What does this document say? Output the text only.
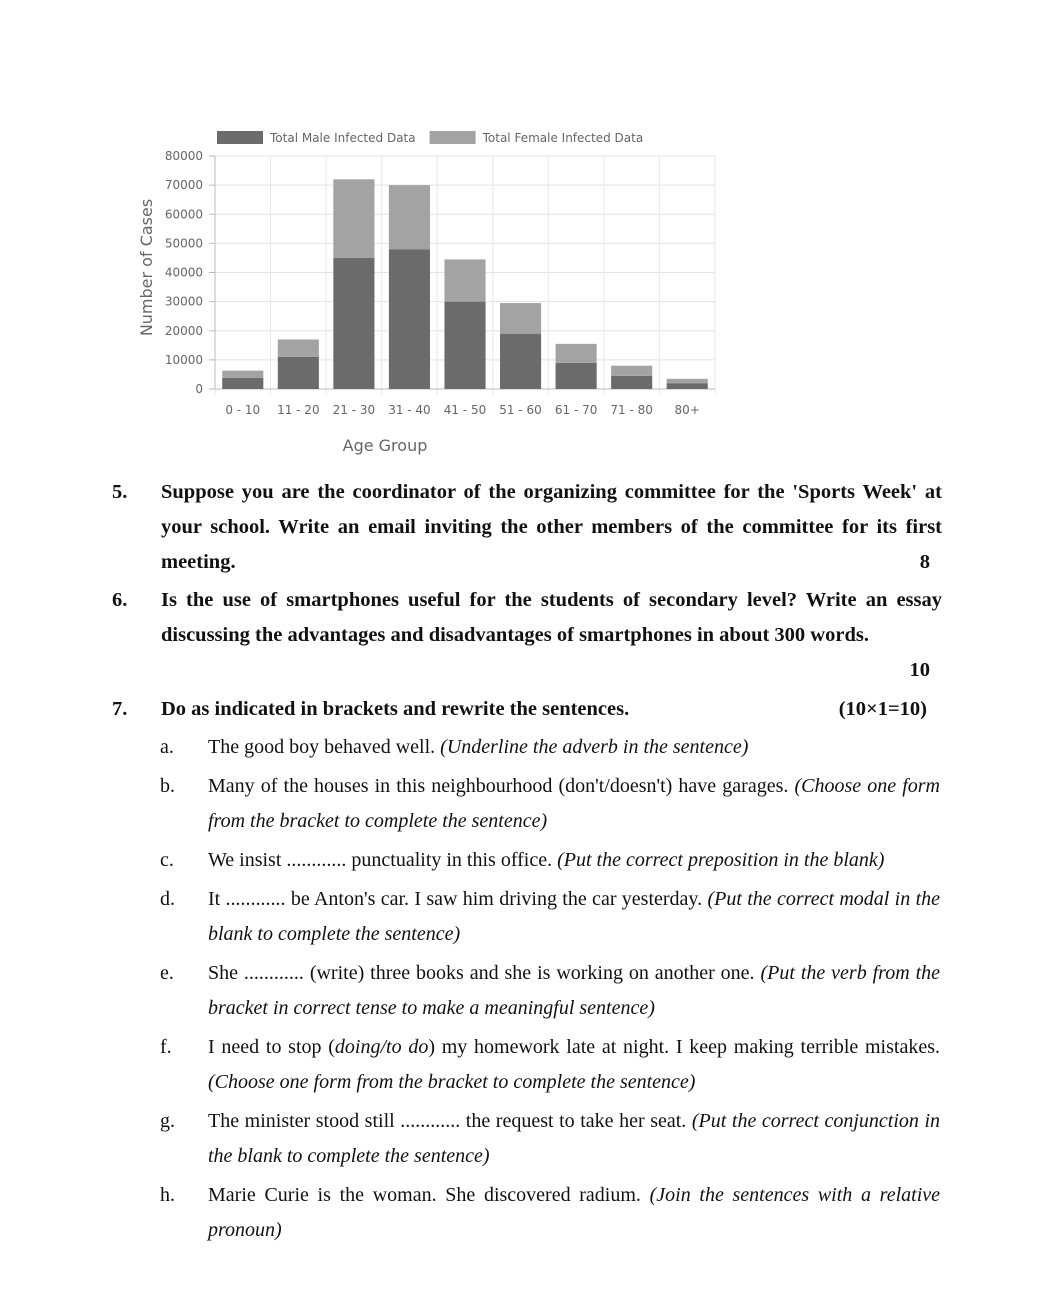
0
10000
20000
30000
40000
50000
60000
70000
80000
0 - 10 11 - 20 21 - 30 31 - 40 41 - 50 51 - 60 61 - 70 71 - 80 80+
Age Group
Number of Cases
Total Male Infected Data	Total Female Infected Data
5.	Suppose you are the coordinator of the organizing committee for the 'Sports Week' at your school. Write an email inviting the other members of the committee for its first meeting.	8
6.	Is the use of smartphones useful for the students of secondary level? Write an essay discussing the advantages and disadvantages of smartphones in about 300 words.
10
7. Do as indicated in brackets and rewrite the sentences.	(10×1=10)
a. The good boy behaved well. (Underline the adverb in the sentence)
b. Many of the houses in this neighbourhood (don't/doesn't) have garages. (Choose one form from the bracket to complete the sentence)
c. We insist ............ punctuality in this office. (Put the correct preposition in the blank)
d. It ............ be Anton's car. I saw him driving the car yesterday. (Put the correct modal in the blank to complete the sentence)
e. She ............ (write) three books and she is working on another one. (Put the verb from the bracket in correct tense to make a meaningful sentence)
f. I need to stop (doing/to do) my homework late at night. I keep making terrible mistakes. (Choose one form from the bracket to complete the sentence)
g. The minister stood still ............ the request to take her seat. (Put the correct conjunction in the blank to complete the sentence)
h. Marie Curie is the woman. She discovered radium. (Join the sentences with a relative pronoun)
